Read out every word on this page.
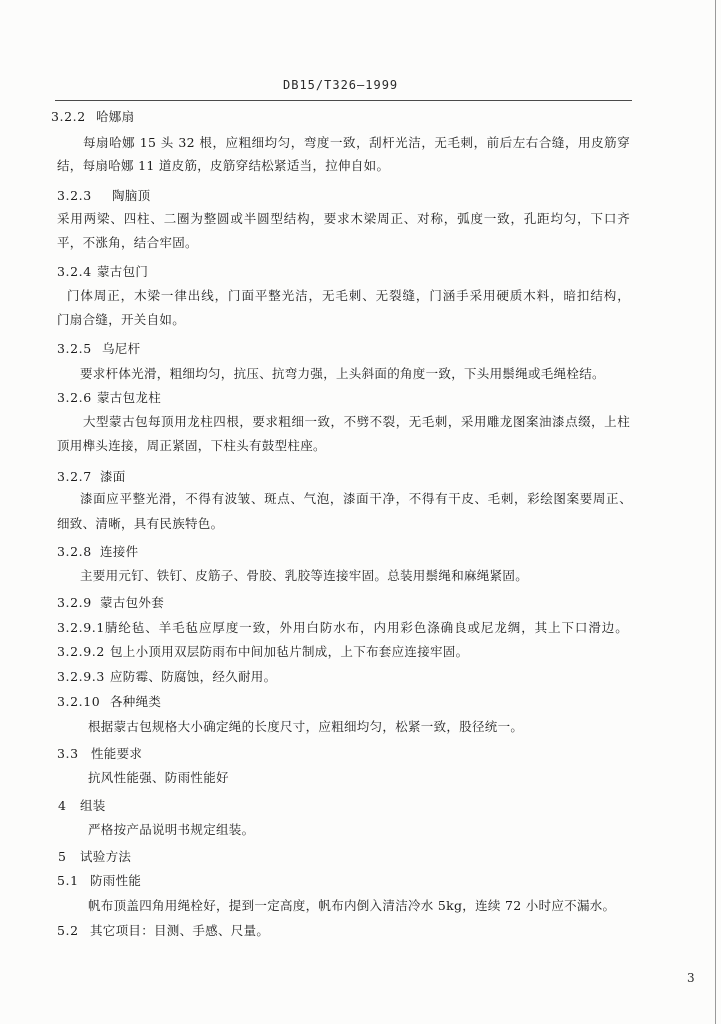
DB15/T326—1999
3.2.2 哈娜扇
每扇哈娜 15 头 32 根，应粗细均匀，弯度一致，刮杆光洁，无毛刺，前后左右合缝，用皮筋穿
结，每扇哈娜 11 道皮筋，皮筋穿结松紧适当，拉伸自如。
3.2.3 陶脑顶
采用两梁、四柱、二圈为整圆或半圆型结构，要求木梁周正、对称，弧度一致，孔距均匀，下口齐
平，不涨角，结合牢固。
3.2.4 蒙古包门
门体周正，木梁一律出线，门面平整光洁，无毛刺、无裂缝，门涵手采用硬质木料，暗扣结构，
门扇合缝，开关自如。
3.2.5 乌尼杆
要求杆体光滑，粗细均匀，抗压、抗弯力强，上头斜面的角度一致，下头用鬃绳或毛绳栓结。
3.2.6 蒙古包龙柱
大型蒙古包每顶用龙柱四根，要求粗细一致，不劈不裂，无毛刺，采用雕龙图案油漆点缀，上柱
顶用榫头连接，周正紧固，下柱头有鼓型柱座。
3.2.7 漆面
漆面应平整光滑，不得有波皱、斑点、气泡，漆面干净，不得有干皮、毛刺，彩绘图案要周正、
细致、清晰，具有民族特色。
3.2.8 连接件
主要用元钉、铁钉、皮筋子、骨胶、乳胶等连接牢固。总装用鬃绳和麻绳紧固。
3.2.9 蒙古包外套
3.2.9.1 腈纶毡、羊毛毡应厚度一致，外用白防水布，内用彩色涤确良或尼龙绸，其上下口滑边。
3.2.9.2 包上小顶用双层防雨布中间加毡片制成，上下布套应连接牢固。
3.2.9.3 应防霉、防腐蚀，经久耐用。
3.2.10 各种绳类
根据蒙古包规格大小确定绳的长度尺寸，应粗细均匀，松紧一致，股径统一。
3.3 性能要求
抗风性能强、防雨性能好
4 组装
严格按产品说明书规定组装。
5 试验方法
5.1 防雨性能
帆布顶盖四角用绳栓好，提到一定高度，帆布内倒入清洁冷水 5kg，连续 72 小时应不漏水。
5.2 其它项目：目测、手感、尺量。
3
